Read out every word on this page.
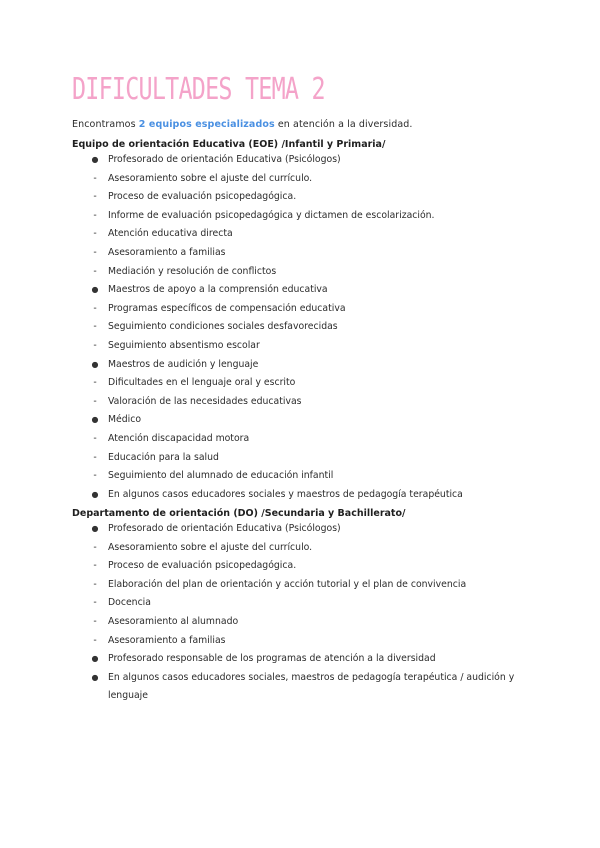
DIFICULTADES TEMA 2
Encontramos 2 equipos especializados en atención a la diversidad.
Equipo de orientación Educativa (EOE) /Infantil y Primaria/
● Profesorado de orientación Educativa (Psicólogos)
-	Asesoramiento sobre el ajuste del currículo.
-	Proceso de evaluación psicopedagógica.
-	Informe de evaluación psicopedagógica y dictamen de escolarización.
-	Atención educativa directa
-	Asesoramiento a familias
-	Mediación y resolución de conflictos
● Maestros de apoyo a la comprensión educativa
-	Programas específicos de compensación educativa
-	Seguimiento condiciones sociales desfavorecidas
-	Seguimiento absentismo escolar
● Maestros de audición y lenguaje
-	Dificultades en el lenguaje oral y escrito
-	Valoración de las necesidades educativas
● Médico
-	Atención discapacidad motora
-	Educación para la salud
-	Seguimiento del alumnado de educación infantil
● En algunos casos educadores sociales y maestros de pedagogía terapéutica
Departamento de orientación (DO) /Secundaria y Bachillerato/
● Profesorado de orientación Educativa (Psicólogos)
-	Asesoramiento sobre el ajuste del currículo.
-	Proceso de evaluación psicopedagógica.
-	Elaboración del plan de orientación y acción tutorial y el plan de convivencia
-	Docencia
-	Asesoramiento al alumnado
-	Asesoramiento a familias
● Profesorado responsable de los programas de atención a la diversidad
● En algunos casos educadores sociales, maestros de pedagogía terapéutica / audición y lenguaje
